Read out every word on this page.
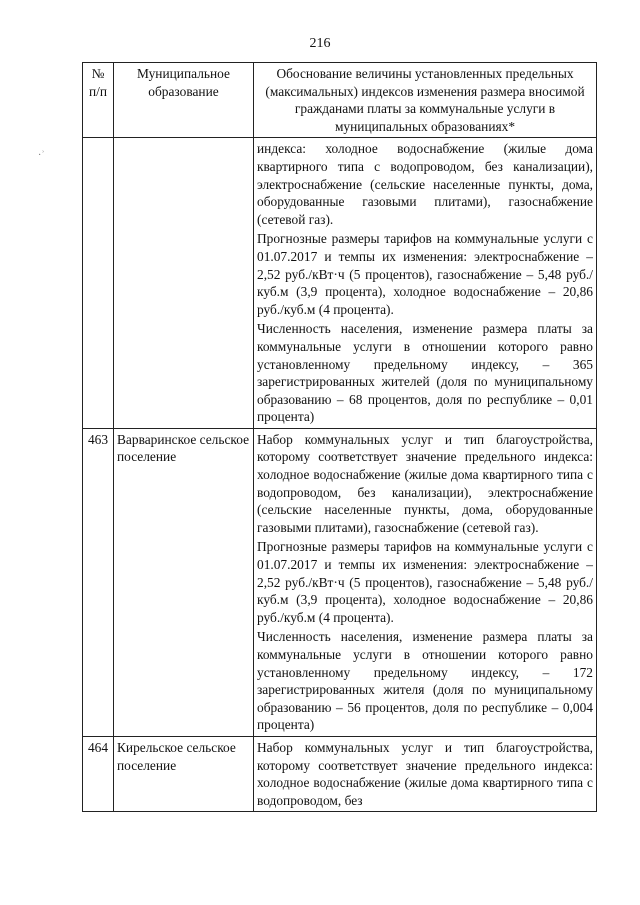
216
·ʾ
№ п/п	Муниципальное образование	Обоснование величины установленных предельных (максимальных) индексов изменения размера вносимой гражданами платы за коммунальные услуги в муниципальных образованиях*

		индекса: холодное водоснабжение (жилые дома квартирного типа с водопроводом, без канализации), электроснабжение (сельские населенные пункты, дома, оборудованные газовыми плитами), газоснабжение (сетевой газ).

Прогнозные размеры тарифов на коммунальные услуги с 01.07.2017 и темпы их изменения: электроснабжение – 2,52 руб./кВт·ч (5 процентов), газоснабжение – 5,48 руб./куб.м (3,9 процента), холодное водоснабжение – 20,86 руб./куб.м (4 процента).

Численность населения, изменение размера платы за коммунальные услуги в отношении которого равно установленному предельному индексу, – 365 зарегистрированных жителей (доля по муниципальному образованию – 68 процентов, доля по республике – 0,01 процента)

463	Варваринское сельское поселение	Набор коммунальных услуг и тип благоустройства, которому соответствует значение предельного индекса: холодное водоснабжение (жилые дома квартирного типа с водопроводом, без канализации), электроснабжение (сельские населенные пункты, дома, оборудованные газовыми плитами), газоснабжение (сетевой газ).

Прогнозные размеры тарифов на коммунальные услуги с 01.07.2017 и темпы их изменения: электроснабжение – 2,52 руб./кВт·ч (5 процентов), газоснабжение – 5,48 руб./куб.м (3,9 процента), холодное водоснабжение – 20,86 руб./куб.м (4 процента).

Численность населения, изменение размера платы за коммунальные услуги в отношении которого равно установленному предельному индексу, – 172 зарегистрированных жителя (доля по муниципальному образованию – 56 процентов, доля по республике – 0,004 процента)

464	Кирельское сельское поселение	Набор коммунальных услуг и тип благоустройства, которому соответствует значение предельного индекса: холодное водоснабжение (жилые дома квартирного типа с водопроводом, без
